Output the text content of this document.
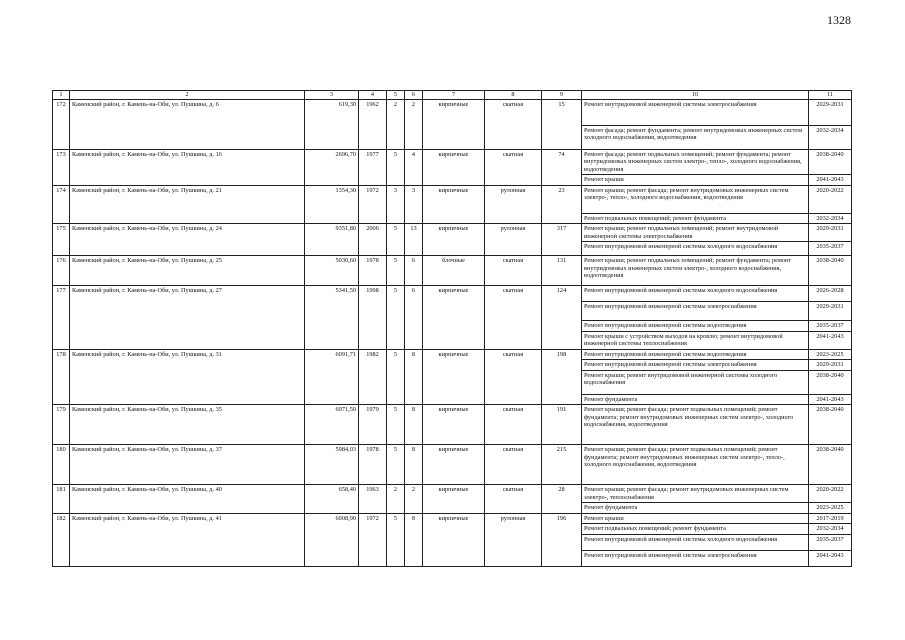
1328
1	2	3	4	5	6	7	8	9	10	11
172	Каменский район, г. Камень-на-Оби, ул. Пушкина, д. 6	619,30	1962	2	2	кирпичные	скатная	15	Ремонт внутридомовой инженерной системы электроснабжения	2029-2031
									Ремонт фасада; ремонт фундамента; ремонт внутридомовых инженерных систем холодного водоснабжения, водоотведения	2032-2034
173	Каменский район, г. Камень-на-Оби, ул. Пушкина, д. 16	2696,70	1977	5	4	кирпичные	скатная	74	Ремонт фасада; ремонт подвальных помещений; ремонт фундамента; ремонт внутридомовых инженерных систем электро-, тепло-, холодного водоснабжения, водоотведения	2038-2040
									Ремонт крыши	2041-2043
174	Каменский район, г. Камень-на-Оби, ул. Пушкина, д. 21	1354,30	1972	3	3	кирпичные	рулонная	23	Ремонт крыши; ремонт фасада; ремонт внутридомовых инженерных систем электро-, тепло-, холодного водоснабжения, водоотведения	2020-2022
									Ремонт подвальных помещений; ремонт фундамента	2032-2034
175	Каменский район, г. Камень-на-Оби, ул. Пушкина, д. 24	9351,80	2006	5	13	кирпичные	рулонная	317	Ремонт крыши; ремонт подвальных помещений; ремонт внутридомовой инженерной системы электроснабжения	2029-2031
									Ремонт внутридомовой инженерной системы холодного водоснабжения	2035-2037
176	Каменский район, г. Камень-на-Оби, ул. Пушкина, д. 25	5030,60	1978	5	6	блочные	скатная	131	Ремонт крыши; ремонт подвальных помещений; ремонт фундамента; ремонт внутридомовых инженерных систем электро-, холодного водоснабжения, водоотведения	2038-2040
177	Каменский район, г. Камень-на-Оби, ул. Пушкина, д. 27	5341,50	1998	5	6	кирпичные	скатная	124	Ремонт внутридомовой инженерной системы холодного водоснабжения	2026-2028
									Ремонт внутридомовой инженерной системы электроснабжения	2029-2031
									Ремонт внутридомовой инженерной системы водоотведения	2035-2037
									Ремонт крыши с устройством выходов на кровлю; ремонт внутридомовой инженерной системы теплоснабжения	2041-2043
178	Каменский район, г. Камень-на-Оби, ул. Пушкина, д. 31	6091,71	1982	5	8	кирпичные	скатная	198	Ремонт внутридомовой инженерной системы водоотведения	2023-2025
									Ремонт внутридомовой инженерной системы электроснабжения	2029-2031
									Ремонт крыши; ремонт внутридомовой инженерной системы холодного водоснабжения	2038-2040
									Ремонт фундамента	2041-2043
179	Каменский район, г. Камень-на-Оби, ул. Пушкина, д. 35	6071,50	1979	5	8	кирпичные	скатная	191	Ремонт крыши; ремонт фасада; ремонт подвальных помещений; ремонт фундамента; ремонт внутридомовых инженерных систем электро-, холодного водоснабжения, водоотведения	2038-2040
180	Каменский район, г. Камень-на-Оби, ул. Пушкина, д. 37	5984,03	1978	5	8	кирпичные	скатная	215	Ремонт крыши; ремонт фасада; ремонт подвальных помещений; ремонт фундамента; ремонт внутридомовых инженерных систем электро-, тепло-, холодного водоснабжения, водоотведения	2038-2040
181	Каменский район, г. Камень-на-Оби, ул. Пушкина, д. 40	658,40	1963	2	2	кирпичные	скатная	28	Ремонт крыши; ремонт фасада; ремонт внутридомовых инженерных систем электро-, теплоснабжения	2020-2022
									Ремонт фундамента	2023-2025
182	Каменский район, г. Камень-на-Оби, ул. Пушкина, д. 41	6008,90	1972	5	8	кирпичные	рулонная	196	Ремонт крыши	2017-2019
									Ремонт подвальных помещений; ремонт фундамента	2032-2034
									Ремонт внутридомовой инженерной системы холодного водоснабжения	2035-2037
									Ремонт внутридомовой инженерной системы электроснабжения	2041-2043
